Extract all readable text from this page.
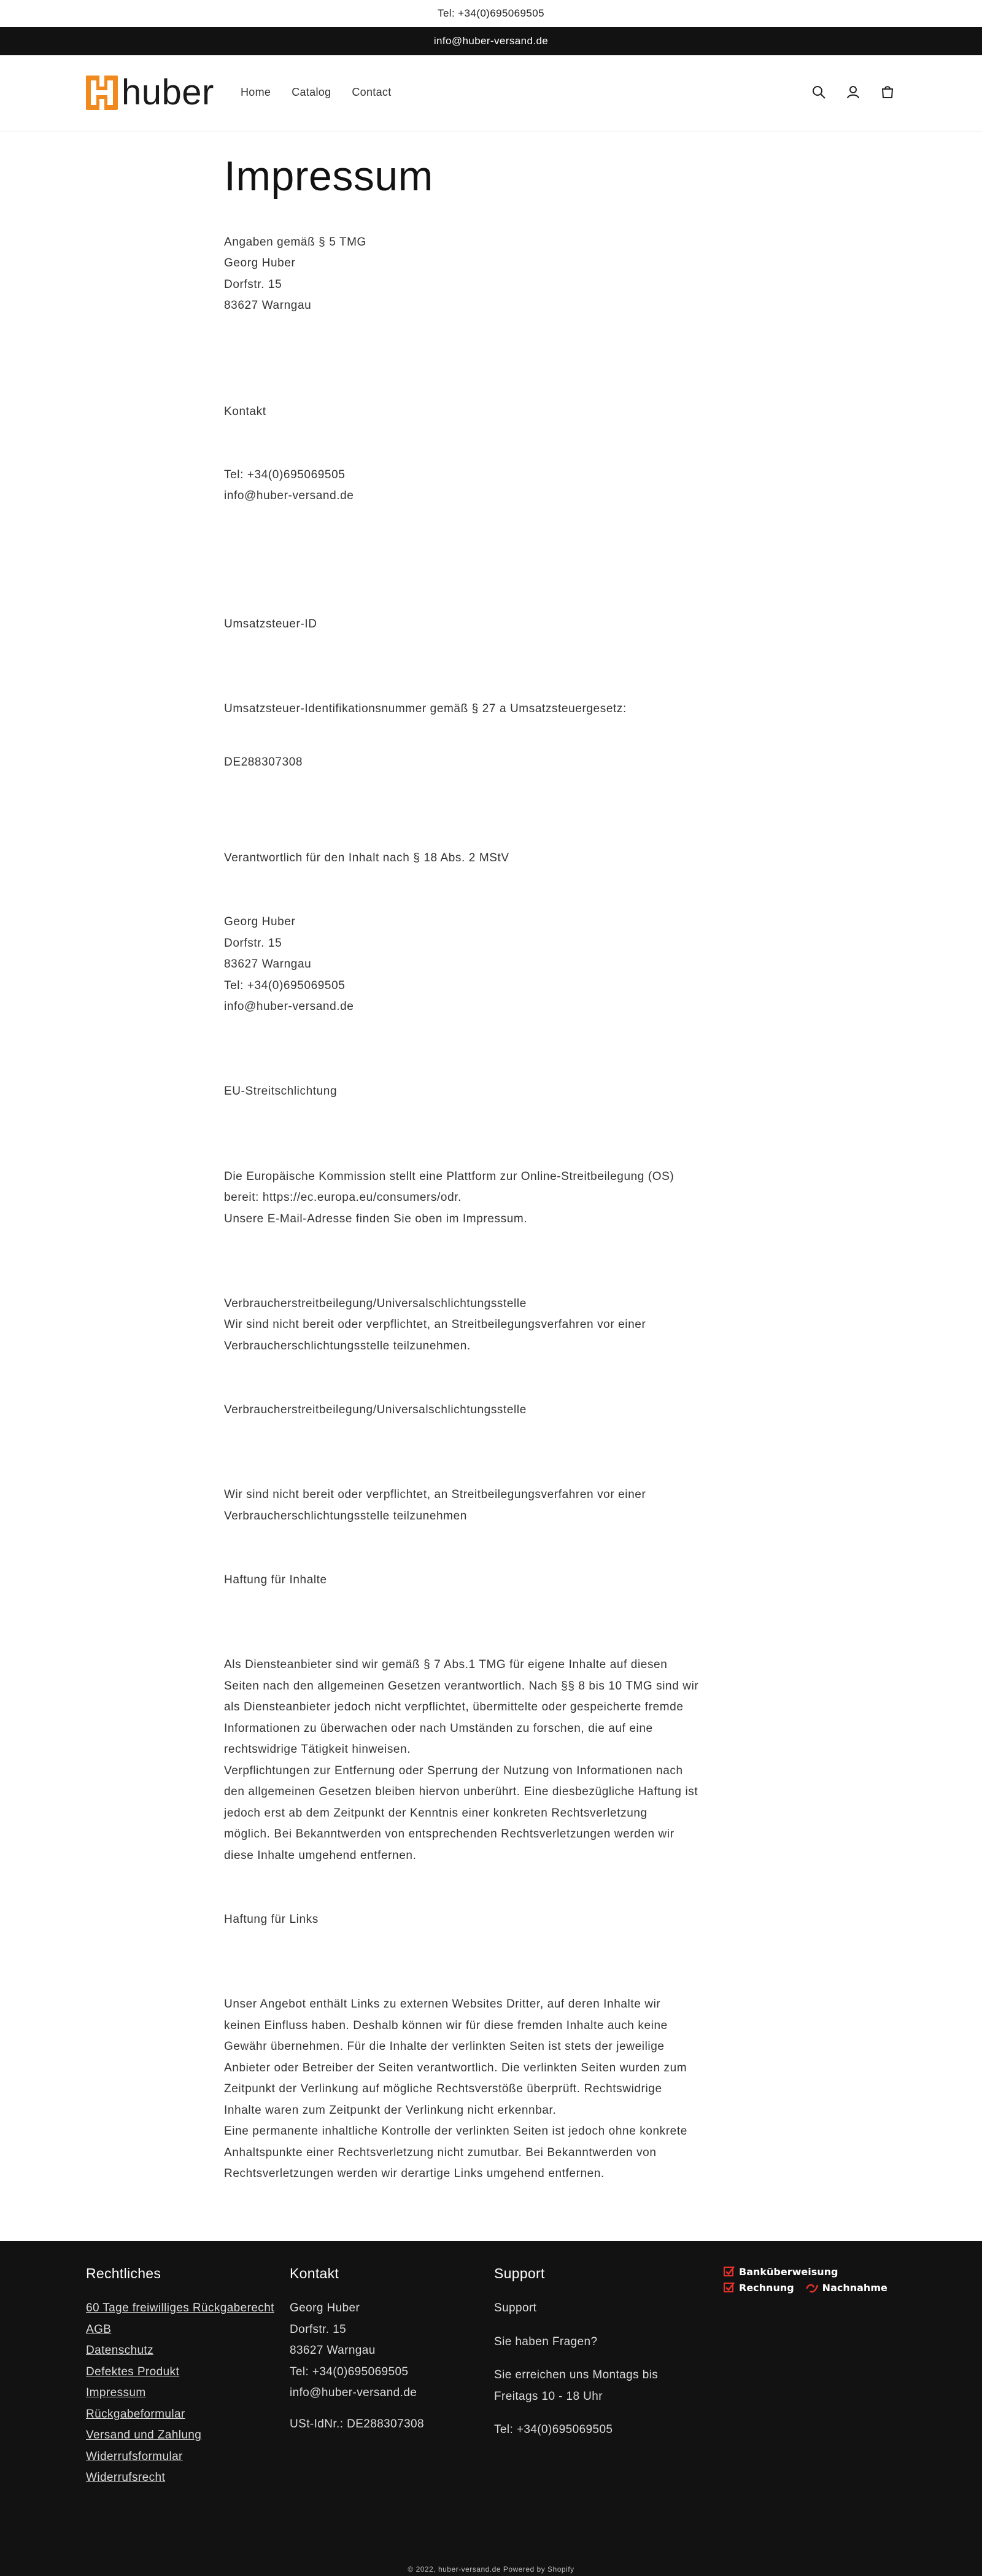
Tel: +34(0)695069505
info@huber-versand.de
huber Home Catalog Contact
Impressum
Angaben gemäß § 5 TMG
Georg Huber
Dorfstr. 15
83627 Warngau
Kontakt
Tel: +34(0)695069505
info@huber-versand.de
Umsatzsteuer-ID
Umsatzsteuer-Identifikationsnummer gemäß § 27 a Umsatzsteuergesetz:
DE288307308
Verantwortlich für den Inhalt nach § 18 Abs. 2 MStV
Georg Huber
Dorfstr. 15
83627 Warngau
Tel: +34(0)695069505
info@huber-versand.de
EU-Streitschlichtung
Die Europäische Kommission stellt eine Plattform zur Online-Streitbeilegung (OS)
bereit: https://ec.europa.eu/consumers/odr.
Unsere E-Mail-Adresse finden Sie oben im Impressum.
Verbraucherstreitbeilegung/Universalschlichtungsstelle
Wir sind nicht bereit oder verpflichtet, an Streitbeilegungsverfahren vor einer
Verbraucherschlichtungsstelle teilzunehmen.
Verbraucherstreitbeilegung/Universalschlichtungsstelle
Wir sind nicht bereit oder verpflichtet, an Streitbeilegungsverfahren vor einer
Verbraucherschlichtungsstelle teilzunehmen
Haftung für Inhalte
Als Diensteanbieter sind wir gemäß § 7 Abs.1 TMG für eigene Inhalte auf diesen
Seiten nach den allgemeinen Gesetzen verantwortlich. Nach §§ 8 bis 10 TMG sind wir
als Diensteanbieter jedoch nicht verpflichtet, übermittelte oder gespeicherte fremde
Informationen zu überwachen oder nach Umständen zu forschen, die auf eine
rechtswidrige Tätigkeit hinweisen.
Verpflichtungen zur Entfernung oder Sperrung der Nutzung von Informationen nach
den allgemeinen Gesetzen bleiben hiervon unberührt. Eine diesbezügliche Haftung ist
jedoch erst ab dem Zeitpunkt der Kenntnis einer konkreten Rechtsverletzung
möglich. Bei Bekanntwerden von entsprechenden Rechtsverletzungen werden wir
diese Inhalte umgehend entfernen.
Haftung für Links
Unser Angebot enthält Links zu externen Websites Dritter, auf deren Inhalte wir
keinen Einfluss haben. Deshalb können wir für diese fremden Inhalte auch keine
Gewähr übernehmen. Für die Inhalte der verlinkten Seiten ist stets der jeweilige
Anbieter oder Betreiber der Seiten verantwortlich. Die verlinkten Seiten wurden zum
Zeitpunkt der Verlinkung auf mögliche Rechtsverstöße überprüft. Rechtswidrige
Inhalte waren zum Zeitpunkt der Verlinkung nicht erkennbar.
Eine permanente inhaltliche Kontrolle der verlinkten Seiten ist jedoch ohne konkrete
Anhaltspunkte einer Rechtsverletzung nicht zumutbar. Bei Bekanntwerden von
Rechtsverletzungen werden wir derartige Links umgehend entfernen.
Rechtliches
60 Tage freiwilliges Rückgaberecht
AGB
Datenschutz
Defektes Produkt
Impressum
Rückgabeformular
Versand und Zahlung
Widerrufsformular
Widerrufsrecht
Kontakt
Georg Huber
Dorfstr. 15
83627 Warngau
Tel: +34(0)695069505
info@huber-versand.de
USt-IdNr.: DE288307308
Support
Support
Sie haben Fragen?
Sie erreichen uns Montags bis
Freitags 10 - 18 Uhr
Tel: +34(0)695069505
Banküberweisung
Rechnung	Nachnahme
© 2022, huber-versand.de Powered by Shopify
